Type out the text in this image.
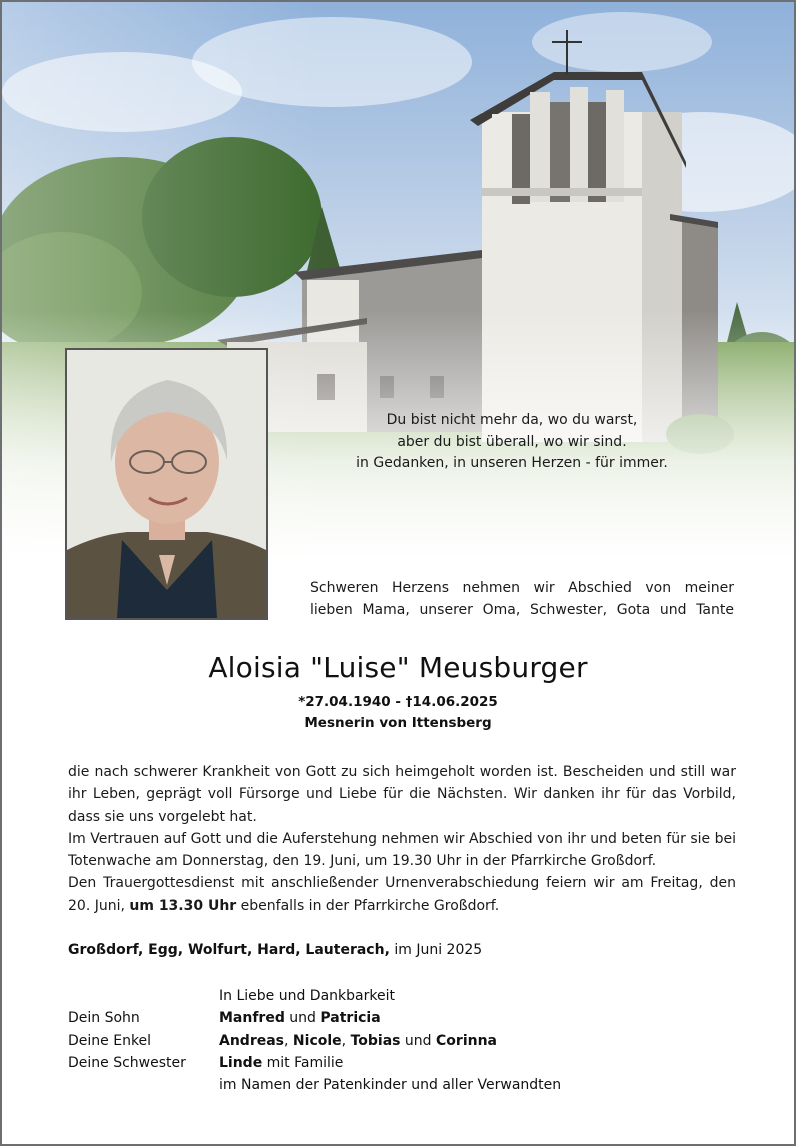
Du bist nicht mehr da, wo du warst,
aber du bist überall, wo wir sind.
in Gedanken, in unseren Herzen - für immer.
Schweren Herzens nehmen wir Abschied von meiner
lieben Mama, unserer Oma, Schwester, Gota und Tante
Aloisia "Luise" Meusburger
*27.04.1940 - †14.06.2025
Mesnerin von Ittensberg

die nach schwerer Krankheit von Gott zu sich heimgeholt worden ist. Bescheiden und still war ihr Leben, geprägt voll Fürsorge und Liebe für die Nächsten. Wir danken ihr für das Vorbild, dass sie uns vorgelebt hat.

Im Vertrauen auf Gott und die Auferstehung nehmen wir Abschied von ihr und beten für sie bei Totenwache am Donnerstag, den 19. Juni, um 19.30 Uhr in der Pfarrkirche Großdorf.

Den Trauergottesdienst mit anschließender Urnenverabschiedung feiern wir am Freitag, den 20. Juni, um 13.30 Uhr ebenfalls in der Pfarrkirche Großdorf.

Großdorf, Egg, Wolfurt, Hard, Lauterach, im Juni 2025
In Liebe und Dankbarkeit
Dein Sohn	Manfred und Patricia
Deine Enkel	Andreas, Nicole, Tobias und Corinna
Deine Schwester	Linde mit Familie
im Namen der Patenkinder und aller Verwandten
